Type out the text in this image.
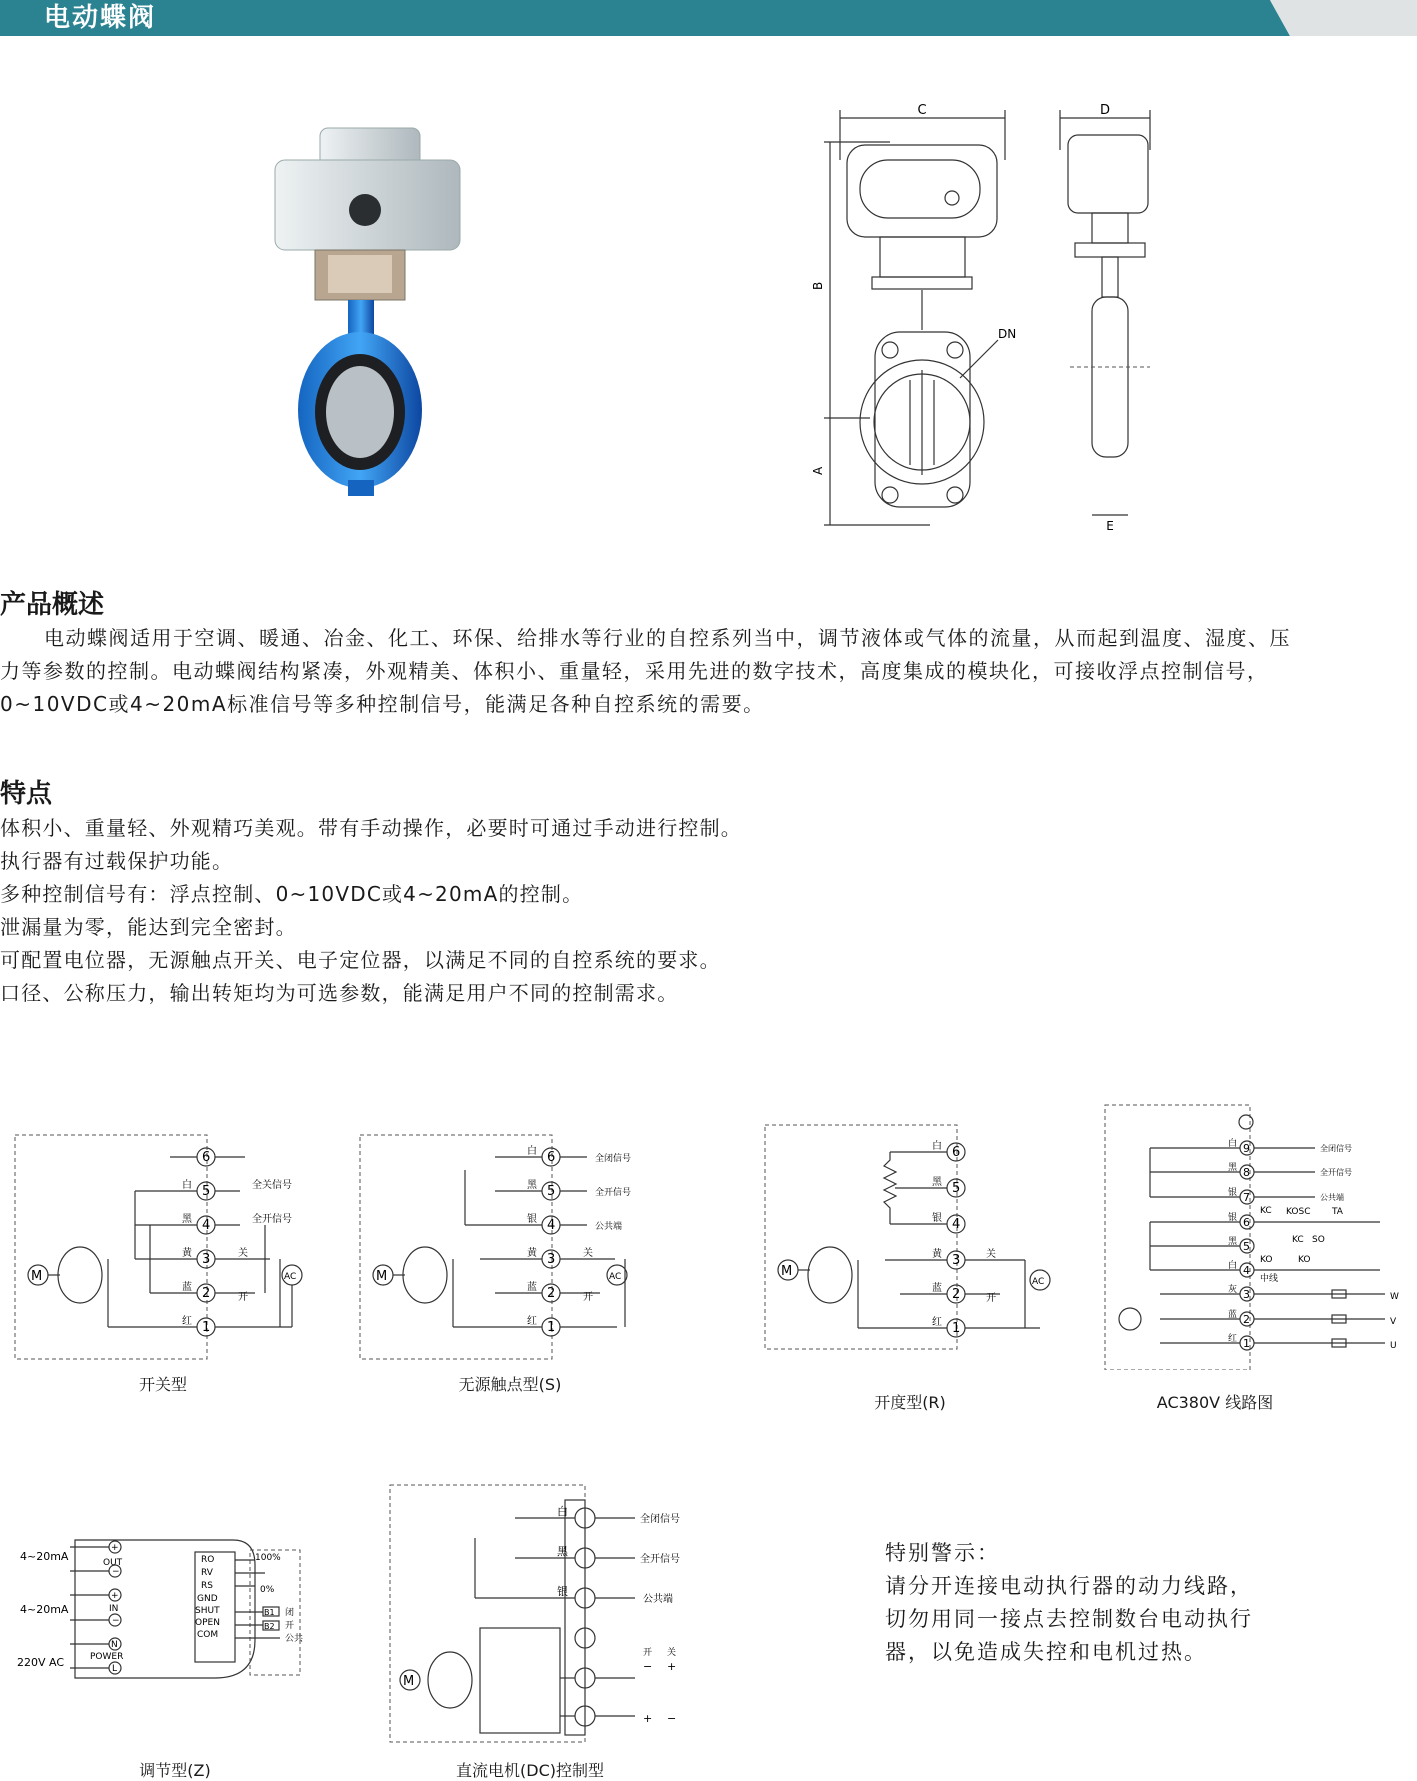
电动蝶阀
C
B
A
DN
D
E
产品概述
电动蝶阀适用于空调、暖通、冶金、化工、环保、给排水等行业的自控系列当中，调节液体或气体的流量，从而起到温度、湿度、压
力等参数的控制。电动蝶阀结构紧凑，外观精美、体积小、重量轻，采用先进的数字技术，高度集成的模块化，可接收浮点控制信号，
0~10VDC或4~20mA标准信号等多种控制信号，能满足各种自控系统的需要。
特点
体积小、重量轻、外观精巧美观。带有手动操作，必要时可通过手动进行控制。
执行器有过载保护功能。
多种控制信号有：浮点控制、0~10VDC或4~20mA的控制。
泄漏量为零，能达到完全密封。
可配置电位器，无源触点开关、电子定位器，以满足不同的自控系统的要求。
口径、公称压力，输出转矩均为可选参数，能满足用户不同的控制需求。
6
5
4
3
2
1
白
黑
黄
蓝
红
全关信号
全开信号
关
开
AC
M
开关型
6
5
4
3
2
1
白
黑
银
黄
蓝
红
全闭信号
全开信号
公共端
关
开
AC
M
无源触点型(S)
6
5
4
3
2
1
白
黑
银
黄
蓝
红
关
开
AC
M
开度型(R)
9
8
7
6
5
4
3
2
1
白
黑
银
银
黑
白
灰
蓝
红
全闭信号
全开信号
公共端
KC KOSC TA
KO
KC SO
KO
中线
W
V
U
AC380V 线路图
4~20mA
4~20mA
220V AC
+
OUT
−
+
IN
−
N
POWER
L
RO
RV
RS
GND
SHUT
OPEN
COM
100%
0%
B1
B2
闭
开
公共
调节型(Z)
白
黑
银
全闭信号
全开信号
公共端
开 关
− +
+ −
M
直流电机(DC)控制型
特别警示：
请分开连接电动执行器的动力线路，
切勿用同一接点去控制数台电动执行
器，以免造成失控和电机过热。
